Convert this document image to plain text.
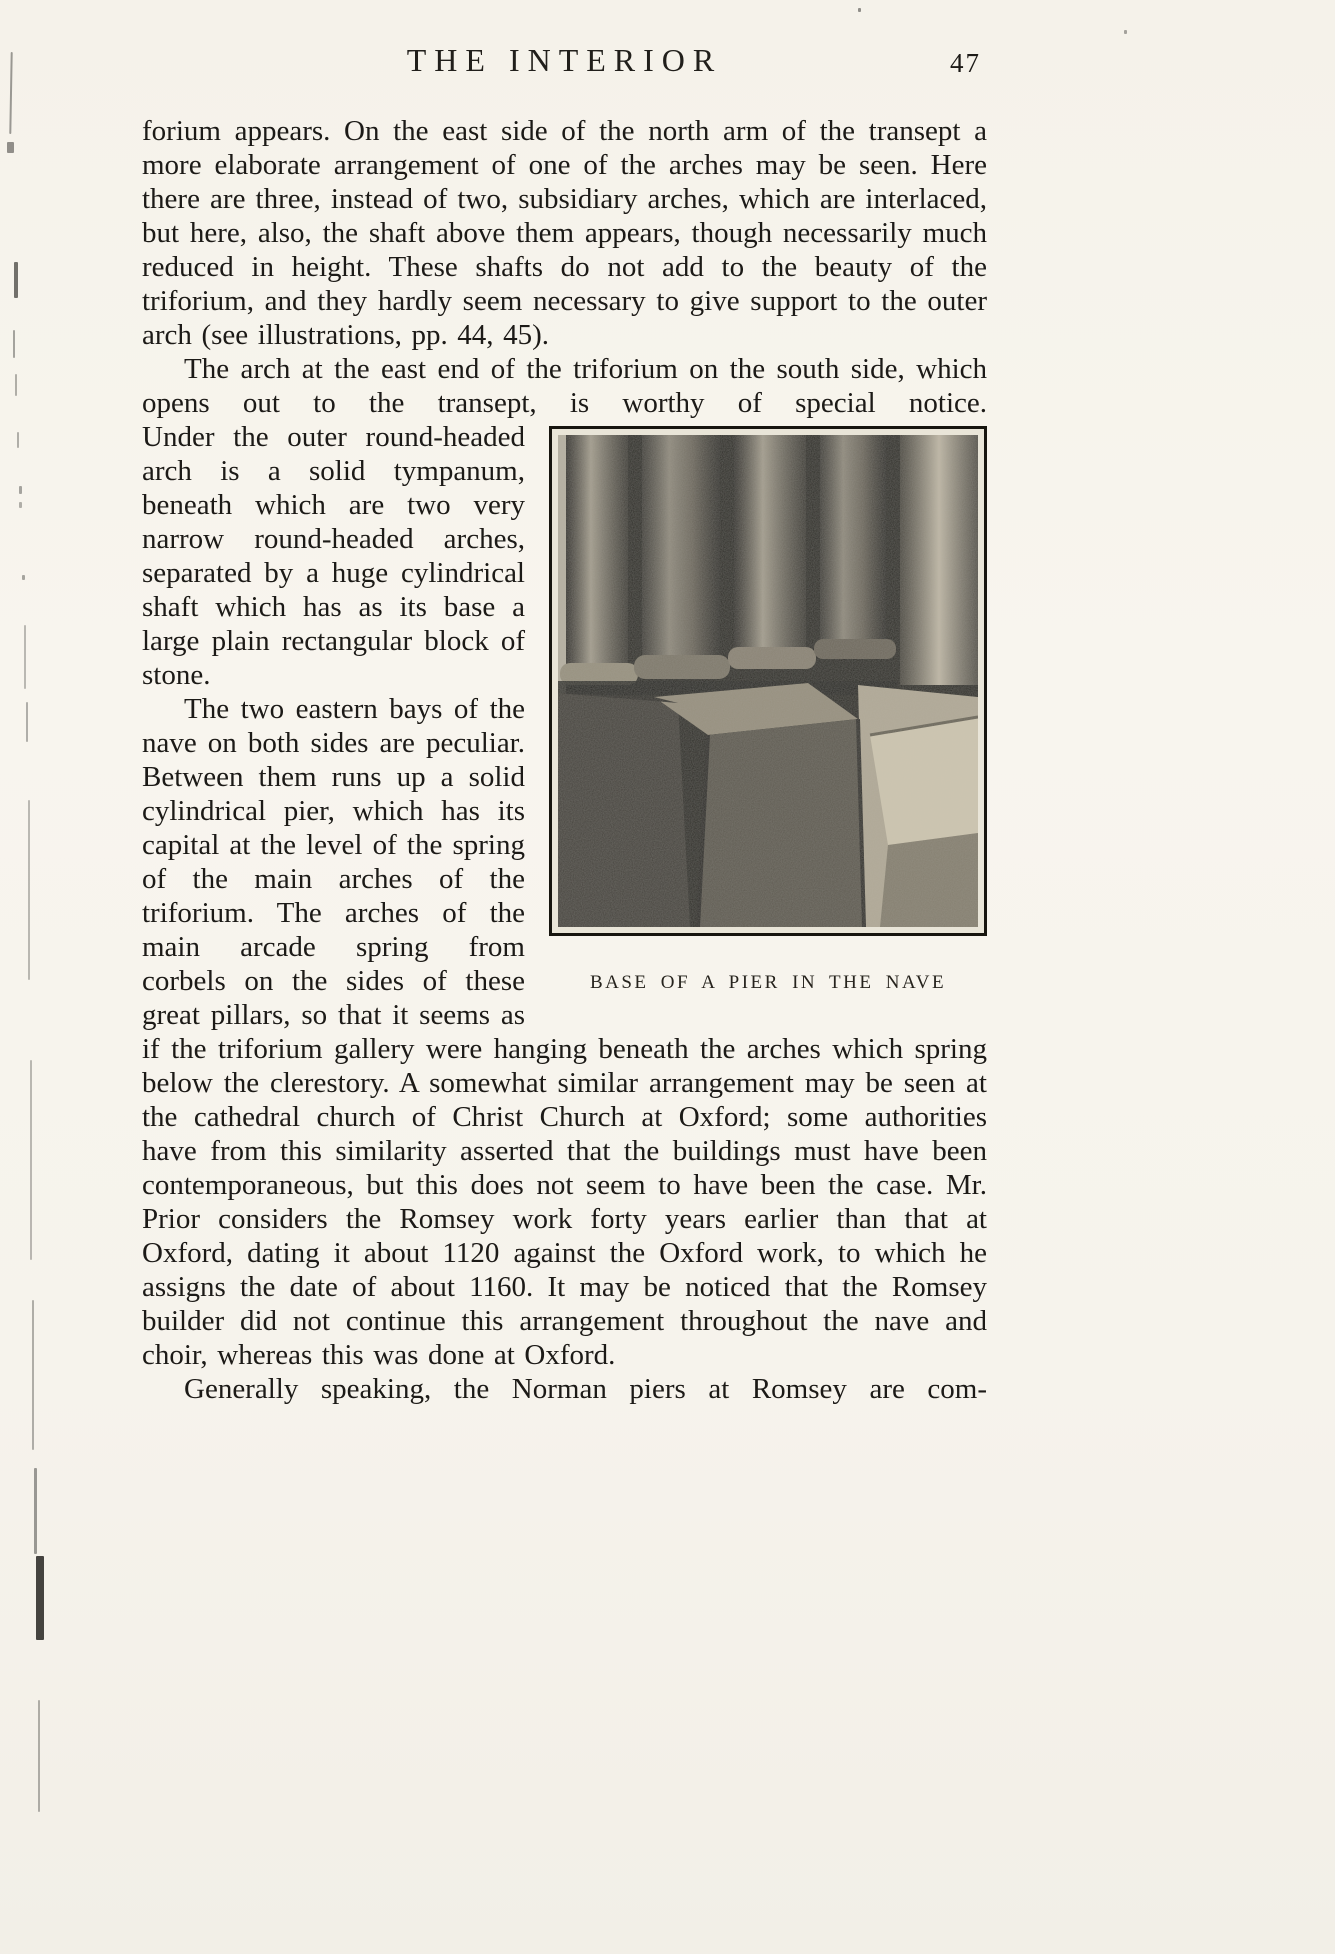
THE INTERIOR	47

forium appears. On the east side of the north arm of the transept a more elaborate arrangement of one of the arches may be seen. Here there are three, instead of two, subsidiary arches, which are interlaced, but here, also, the shaft above them appears, though necessarily much reduced in height. These shafts do not add to the beauty of the triforium, and they hardly seem necessary to give support to the outer arch (see illustrations, pp. 44, 45).

The arch at the east end of the triforium on the south side, which opens out to the transept, is worthy of special notice.

BASE OF A PIER IN THE NAVE

Under the outer round-headed arch is a solid tympanum, beneath which are two very narrow round-headed arches, separated by a huge cylindrical shaft which has as its base a large plain rectangular block of stone.

The two eastern bays of the nave on both sides are peculiar. Between them runs up a solid cylindrical pier, which has its capital at the level of the spring of the main arches of the triforium. The arches of the main arcade spring from corbels on the sides of these great pillars, so that it seems as if the triforium gallery were hanging beneath the arches which spring below the clerestory. A somewhat similar arrangement may be seen at the cathedral church of Christ Church at Oxford; some authorities have from this similarity asserted that the buildings must have been contemporaneous, but this does not seem to have been the case. Mr. Prior considers the Romsey work forty years earlier than that at Oxford, dating it about 1120 against the Oxford work, to which he assigns the date of about 1160. It may be noticed that the Romsey builder did not continue this arrangement throughout the nave and choir, whereas this was done at Oxford.

Generally speaking, the Norman piers at Romsey are com-
